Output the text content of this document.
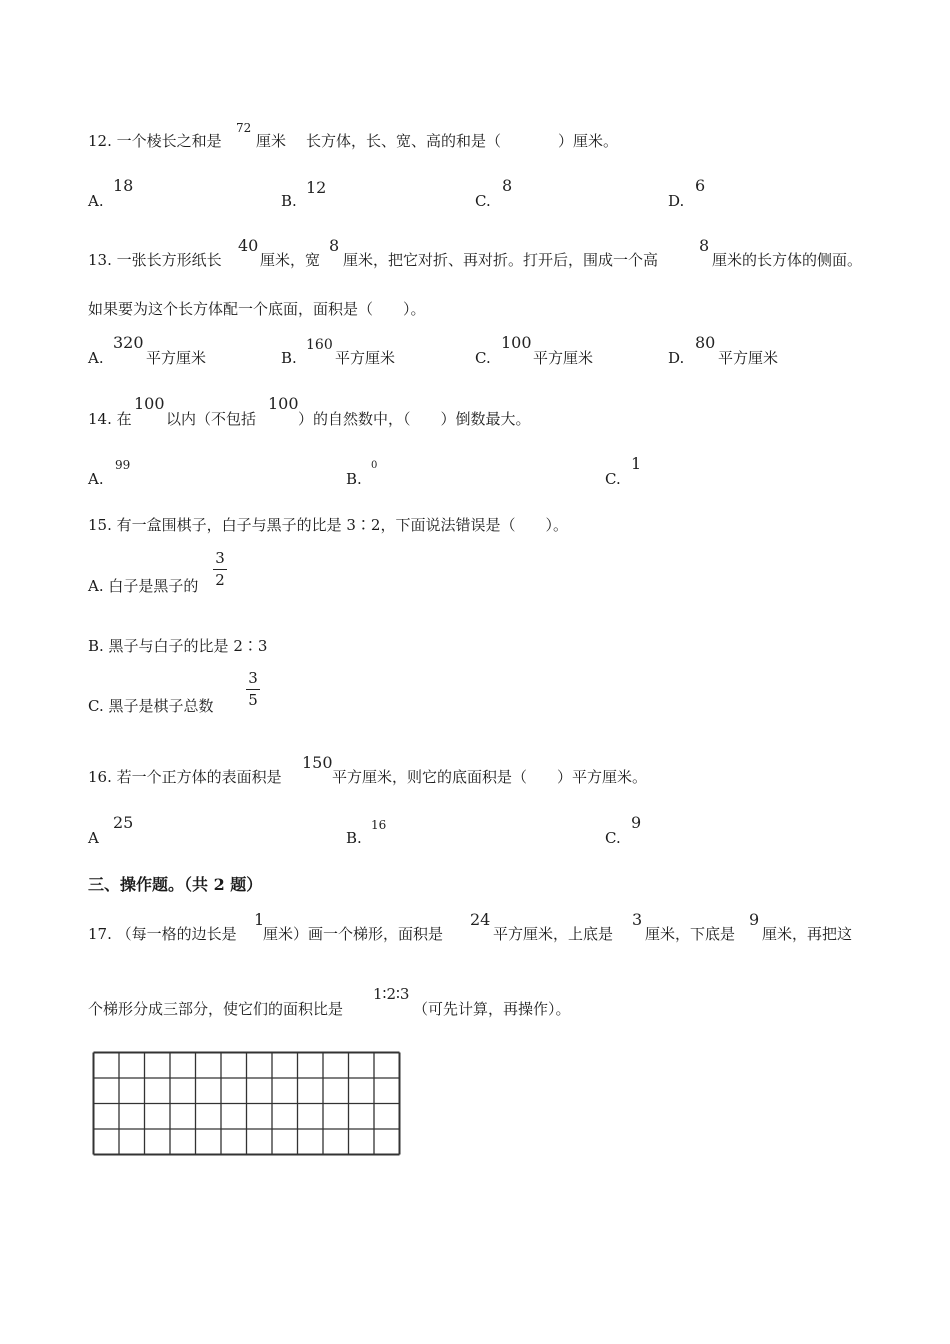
12. 一个棱长之和是
72
厘米 长方体，长、宽、高的和是（	）厘米。
A.
18
B.
12
C.
8
D.
6
13. 一张长方形纸长
40
厘米，宽
8
厘米，把它对折、再对折。打开后，围成一个高
8
厘米的长方体的侧面。
如果要为这个长方体配一个底面，面积是（　　）。
A.
320
平方厘米	B.
160
平方厘米	C.
100
平方厘米	D.
80
平方厘米
14. 在
100
以内（不包括
100
）的自然数中，（　　）倒数最大。
A.
99
B.
0
C.
1
15. 有一盒围棋子，白子与黑子的比是 3∶2，下面说法错误是（　　）。
A. 白子是黑子的
3
2
B. 黑子与白子的比是 2∶3
C. 黑子是棋子总数
3
5
16. 若一个正方体的表面积是
150
平方厘米，则它的底面积是（　　）平方厘米。
A
25
B.
16
C.
9
三、操作题。（共 2 题）
17. （每一格的边长是
1
厘米）画一个梯形，面积是
24
平方厘米，上底是
3
厘米，下底是
9
厘米，再把这
个梯形分成三部分，使它们的面积比是
1∶2∶3
（可先计算，再操作）。
